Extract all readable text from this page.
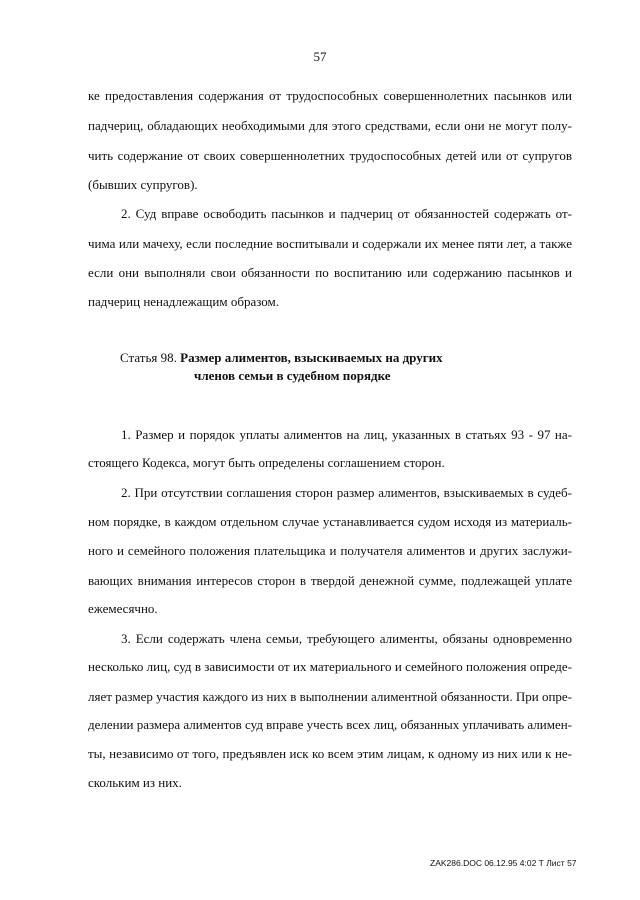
57
ке предоставления содержания от трудоспособных совершеннолетних пасынков или
падчериц, обладающих необходимыми для этого средствами, если они не могут полу-
чить содержание от своих совершеннолетних трудоспособных детей или от супругов
(бывших супругов).
2. Суд вправе освободить пасынков и падчериц от обязанностей содержать от-
чима или мачеху, если последние воспитывали и содержали их менее пяти лет, а также
если они выполняли свои обязанности по воспитанию или содержанию пасынков и
падчериц ненадлежащим образом.
Статья 98. Размер алиментов, взыскиваемых на других
членов семьи в судебном порядке
1. Размер и порядок уплаты алиментов на лиц, указанных в статьях 93 - 97 на-
стоящего Кодекса, могут быть определены соглашением сторон.
2. При отсутствии соглашения сторон размер алиментов, взыскиваемых в судеб-
ном порядке, в каждом отдельном случае устанавливается судом исходя из материаль-
ного и семейного положения плательщика и получателя алиментов и других заслужи-
вающих внимания интересов сторон в твердой денежной сумме, подлежащей уплате
ежемесячно.
3. Если содержать члена семьи, требующего алименты, обязаны одновременно
несколько лиц, суд в зависимости от их материального и семейного положения опреде-
ляет размер участия каждого из них в выполнении алиментной обязанности. При опре-
делении размера алиментов суд вправе учесть всех лиц, обязанных уплачивать алимен-
ты, независимо от того, предъявлен иск ко всем этим лицам, к одному из них или к не-
скольким из них.
ZAK286.DOC 06.12.95 4:02 Т Лист 57
